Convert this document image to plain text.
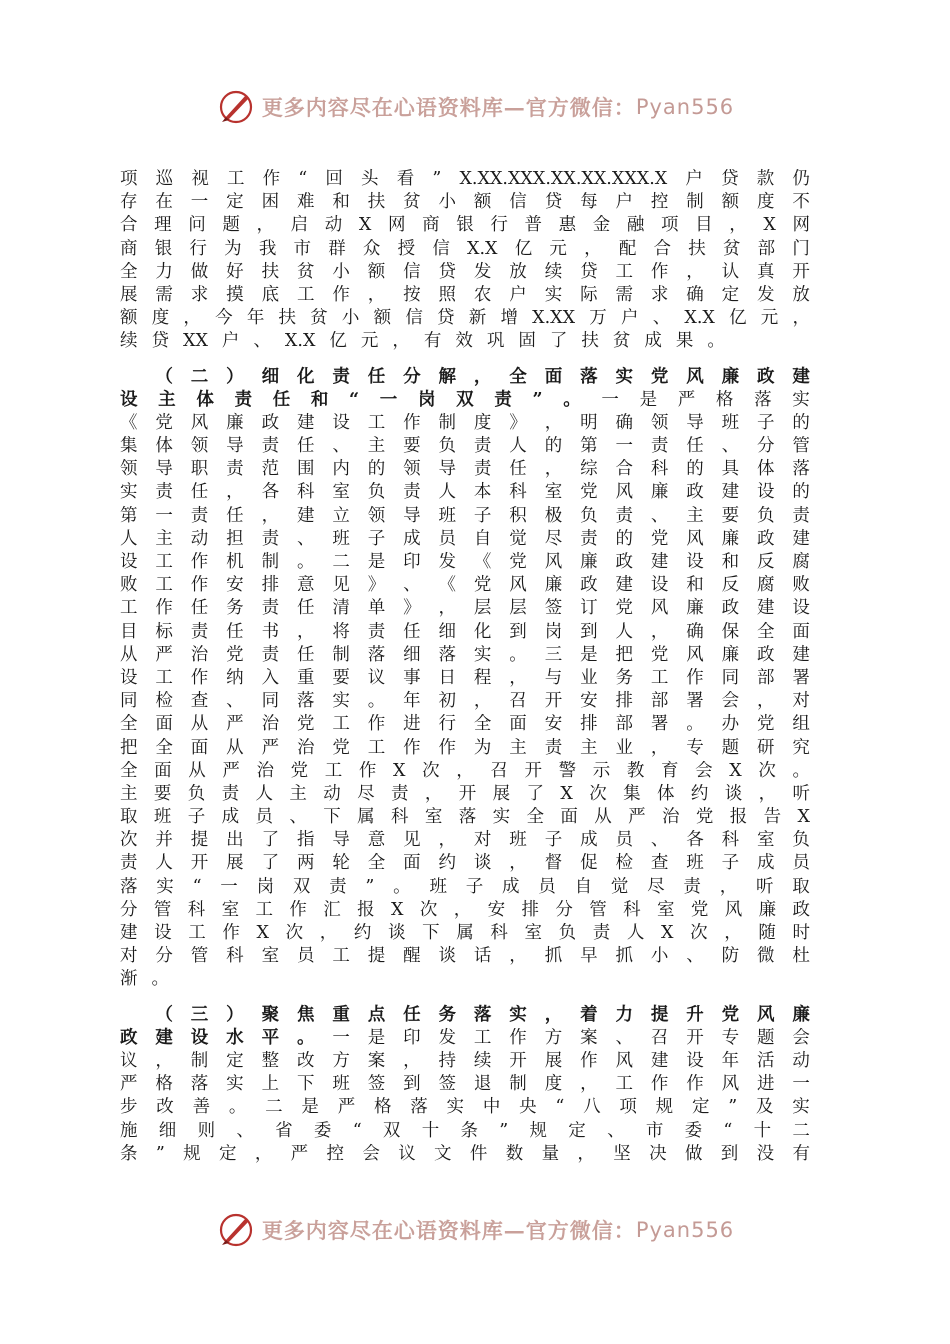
更多内容尽在心语资料库—官方微信： Pyan556
项 巡 视 工 作 “ 回 头 看 ” X.XX.XXX.XX.XX.XXX.X 户 贷 款 仍
存 在 一 定 困 难 和 扶 贫 小 额 信 贷 每 户 控 制 额 度 不
合 理 问 题 ， 启 动 X 网 商 银 行 普 惠 金 融 项 目 ， X 网
商 银 行 为 我 市 群 众 授 信 X.X 亿 元 ， 配 合 扶 贫 部 门
全 力 做 好 扶 贫 小 额 信 贷 发 放 续 贷 工 作 ， 认 真 开
展 需 求 摸 底 工 作 ， 按 照 农 户 实 际 需 求 确 定 发 放
额 度 ， 今 年 扶 贫 小 额 信 贷 新 增 X.XX 万 户 、 X.X 亿 元 ，
续 贷 XX 户 、 X.X 亿 元 ， 有 效 巩 固 了 扶 贫 成 果 。

（ 二 ） 细 化 责 任 分 解 ， 全 面 落 实 党 风 廉 政 建
设 主 体 责 任 和 “ 一 岗 双 责 ” 。 一 是 严 格 落 实
《 党 风 廉 政 建 设 工 作 制 度 》 ， 明 确 领 导 班 子 的
集 体 领 导 责 任 、 主 要 负 责 人 的 第 一 责 任 、 分 管
领 导 职 责 范 围 内 的 领 导 责 任 ， 综 合 科 的 具 体 落
实 责 任 ， 各 科 室 负 责 人 本 科 室 党 风 廉 政 建 设 的
第 一 责 任 ， 建 立 领 导 班 子 积 极 负 责 、 主 要 负 责
人 主 动 担 责 、 班 子 成 员 自 觉 尽 责 的 党 风 廉 政 建
设 工 作 机 制 。 二 是 印 发 《 党 风 廉 政 建 设 和 反 腐
败 工 作 安 排 意 见 》 、 《 党 风 廉 政 建 设 和 反 腐 败
工 作 任 务 责 任 清 单 》 ， 层 层 签 订 党 风 廉 政 建 设
目 标 责 任 书 ， 将 责 任 细 化 到 岗 到 人 ， 确 保 全 面
从 严 治 党 责 任 制 落 细 落 实 。 三 是 把 党 风 廉 政 建
设 工 作 纳 入 重 要 议 事 日 程 ， 与 业 务 工 作 同 部 署
同 检 查 、 同 落 实 。 年 初 ， 召 开 安 排 部 署 会 ， 对
全 面 从 严 治 党 工 作 进 行 全 面 安 排 部 署 。 办 党 组
把 全 面 从 严 治 党 工 作 作 为 主 责 主 业 ， 专 题 研 究
全 面 从 严 治 党 工 作 X 次 ， 召 开 警 示 教 育 会 X 次 。
主 要 负 责 人 主 动 尽 责 ， 开 展 了 X 次 集 体 约 谈 ， 听
取 班 子 成 员 、 下 属 科 室 落 实 全 面 从 严 治 党 报 告 X
次 并 提 出 了 指 导 意 见 ， 对 班 子 成 员 、 各 科 室 负
责 人 开 展 了 两 轮 全 面 约 谈 ， 督 促 检 查 班 子 成 员
落 实 “ 一 岗 双 责 ” 。 班 子 成 员 自 觉 尽 责 ， 听 取
分 管 科 室 工 作 汇 报 X 次 ， 安 排 分 管 科 室 党 风 廉 政
建 设 工 作 X 次 ， 约 谈 下 属 科 室 负 责 人 X 次 ， 随 时
对 分 管 科 室 员 工 提 醒 谈 话 ， 抓 早 抓 小 、 防 微 杜
渐 。

（ 三 ） 聚 焦 重 点 任 务 落 实 ， 着 力 提 升 党 风 廉
政 建 设 水 平 。 一 是 印 发 工 作 方 案 、 召 开 专 题 会
议 ， 制 定 整 改 方 案 ， 持 续 开 展 作 风 建 设 年 活 动
严 格 落 实 上 下 班 签 到 签 退 制 度 ， 工 作 作 风 进 一
步 改 善 。 二 是 严 格 落 实 中 央 “ 八 项 规 定 ” 及 实
施 细 则 、 省 委 “ 双 十 条 ” 规 定 、 市 委 “ 十 二
条 ” 规 定 ， 严 控 会 议 文 件 数 量 ， 坚 决 做 到 没 有
更多内容尽在心语资料库—官方微信： Pyan556
